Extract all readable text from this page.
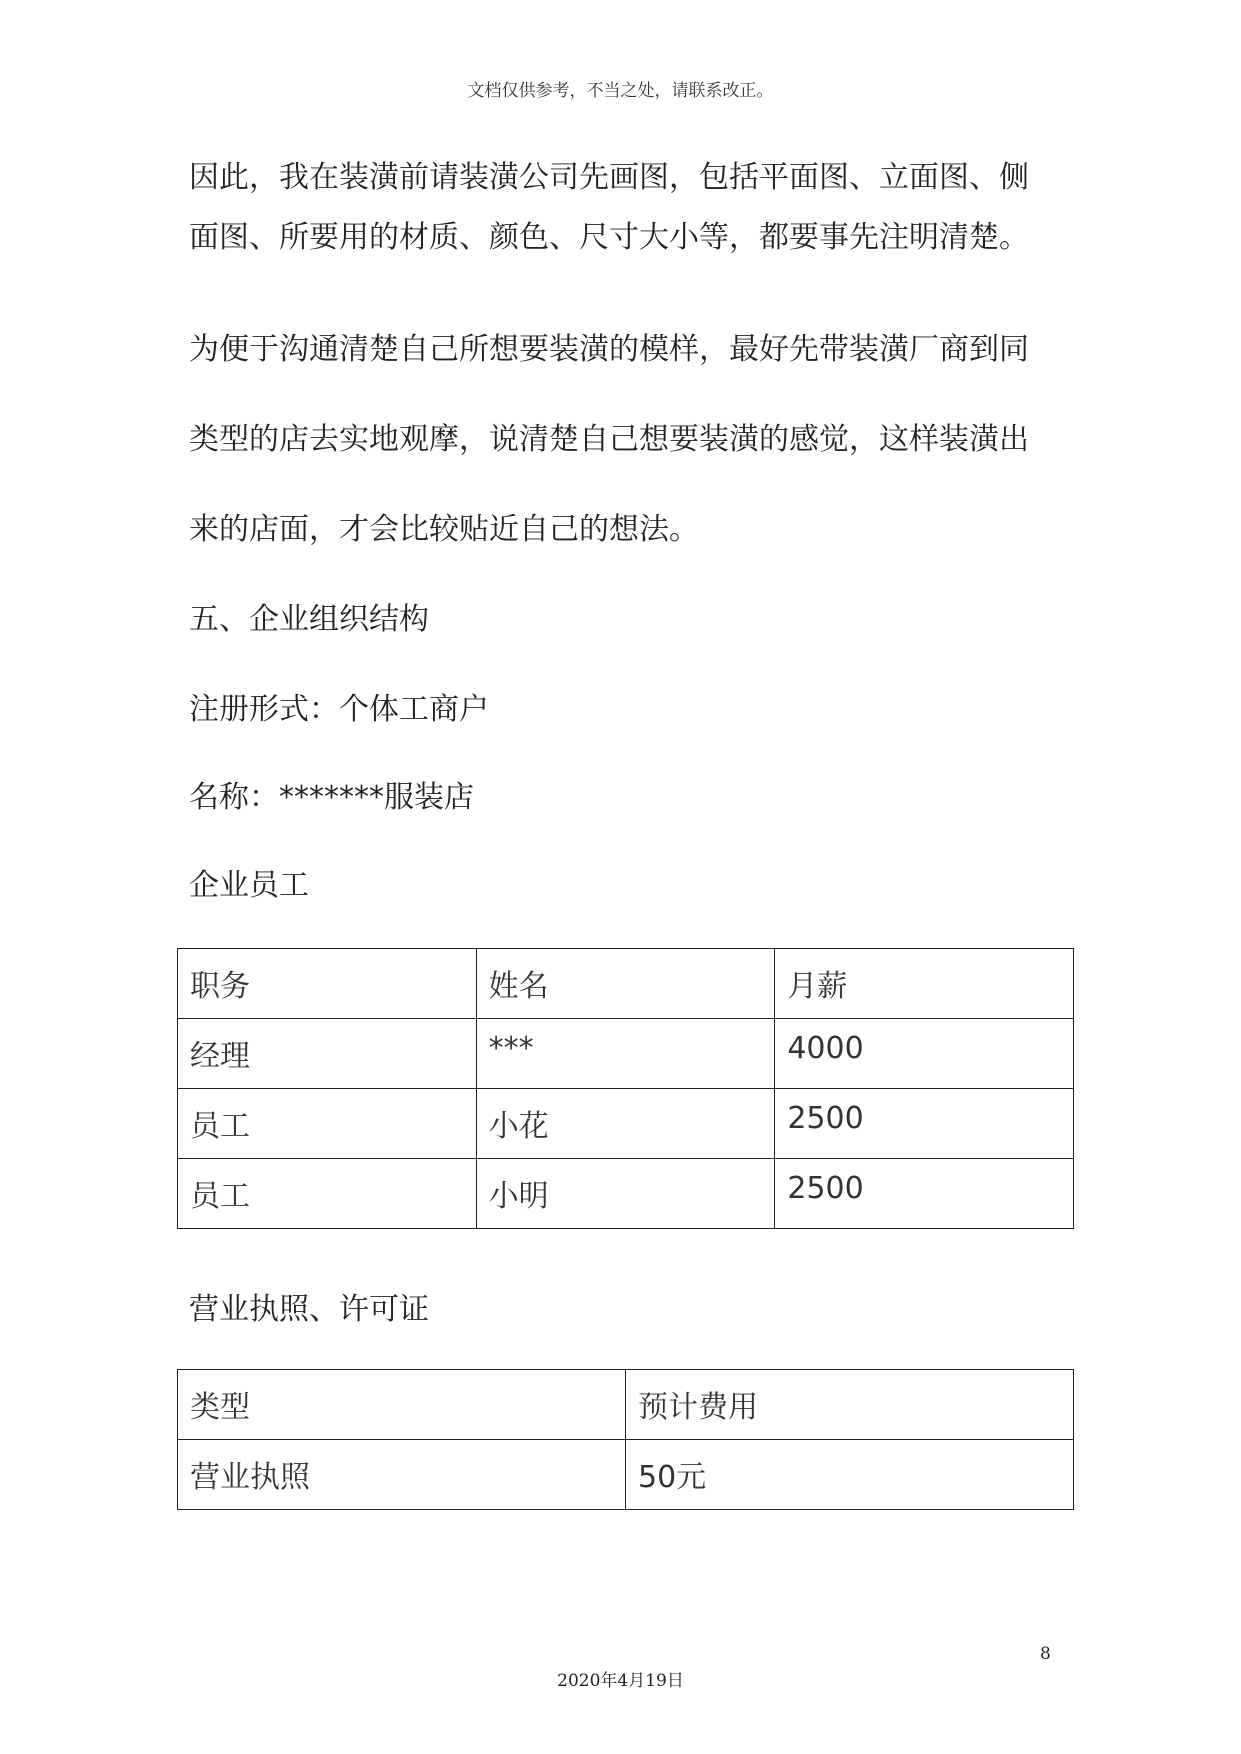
文档仅供参考，不当之处，请联系改正。
因此，我在装潢前请装潢公司先画图，包括平面图、立面图、侧
面图、所要用的材质、颜色、尺寸大小等，都要事先注明清楚。
为便于沟通清楚自己所想要装潢的模样，最好先带装潢厂商到同
类型的店去实地观摩，说清楚自己想要装潢的感觉，这样装潢出
来的店面，才会比较贴近自己的想法。
五、企业组织结构
注册形式：个体工商户
名称：*******服装店
企业员工
职务	姓名	月薪
经理	***	4000
员工	小花	2500
员工	小明	2500
营业执照、许可证
类型	预计费用
营业执照	50元
8
2020年4月19日
